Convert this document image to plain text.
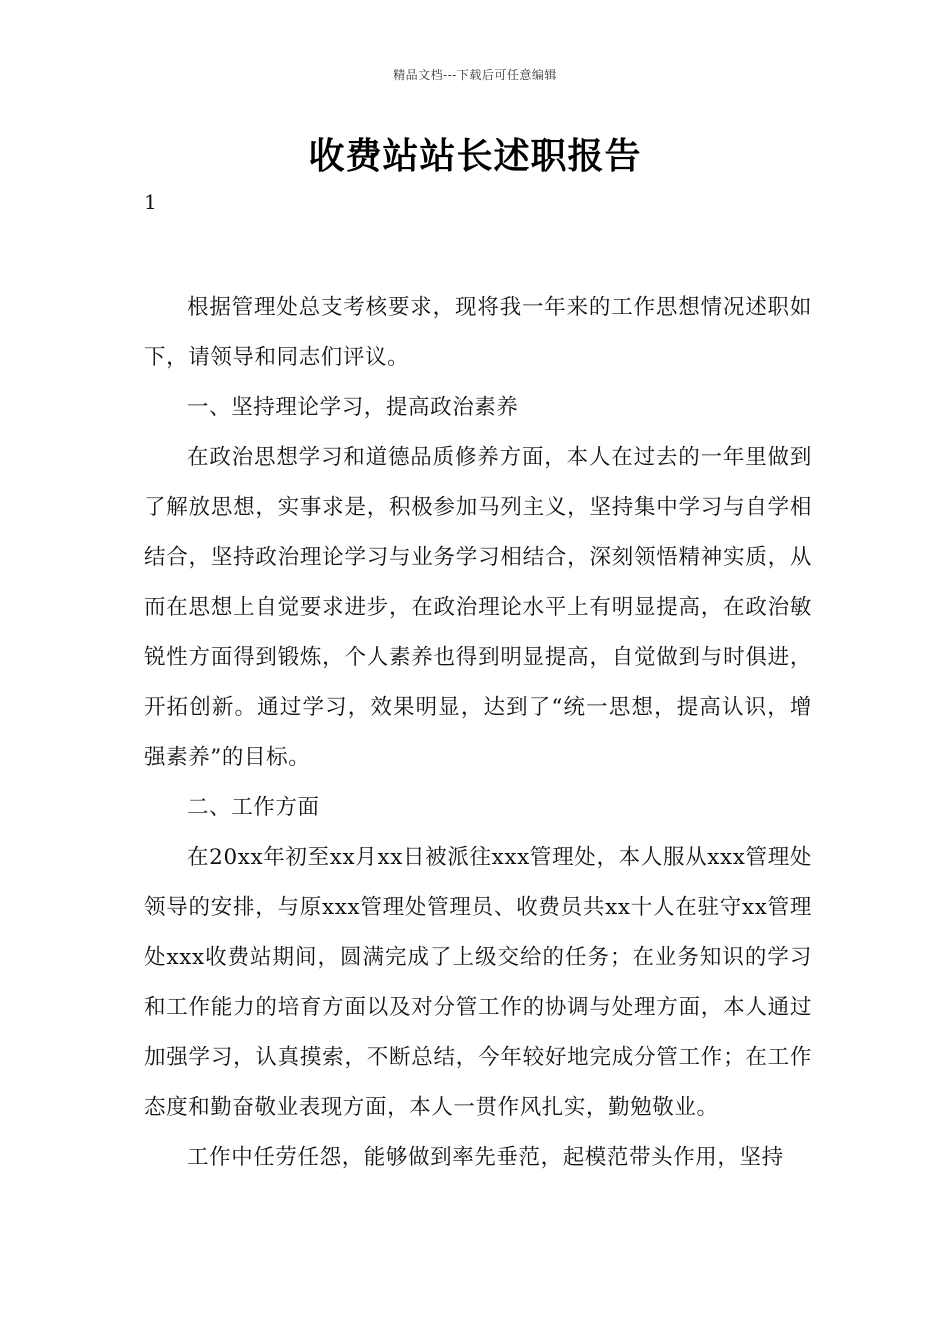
精品文档---下载后可任意编辑
收费站站长述职报告
1

根据管理处总支考核要求，现将我一年来的工作思想情况述职如下，请领导和同志们评议。

一、坚持理论学习，提高政治素养

在政治思想学习和道德品质修养方面，本人在过去的一年里做到了解放思想，实事求是，积极参加马列主义，坚持集中学习与自学相结合，坚持政治理论学习与业务学习相结合，深刻领悟精神实质，从而在思想上自觉要求进步，在政治理论水平上有明显提高，在政治敏锐性方面得到锻炼，个人素养也得到明显提高，自觉做到与时俱进，开拓创新。通过学习，效果明显，达到了“统一思想，提高认识，增强素养”的目标。

二、工作方面

在20xx年初至xx月xx日被派往xxx管理处，本人服从xxx管理处领导的安排，与原xxx管理处管理员、收费员共xx十人在驻守xx管理处xxx收费站期间，圆满完成了上级交给的任务；在业务知识的学习和工作能力的培育方面以及对分管工作的协调与处理方面，本人通过加强学习，认真摸索，不断总结，今年较好地完成分管工作；在工作态度和勤奋敬业表现方面，本人一贯作风扎实，勤勉敬业。

工作中任劳任怨，能够做到率先垂范，起模范带头作用，坚持
